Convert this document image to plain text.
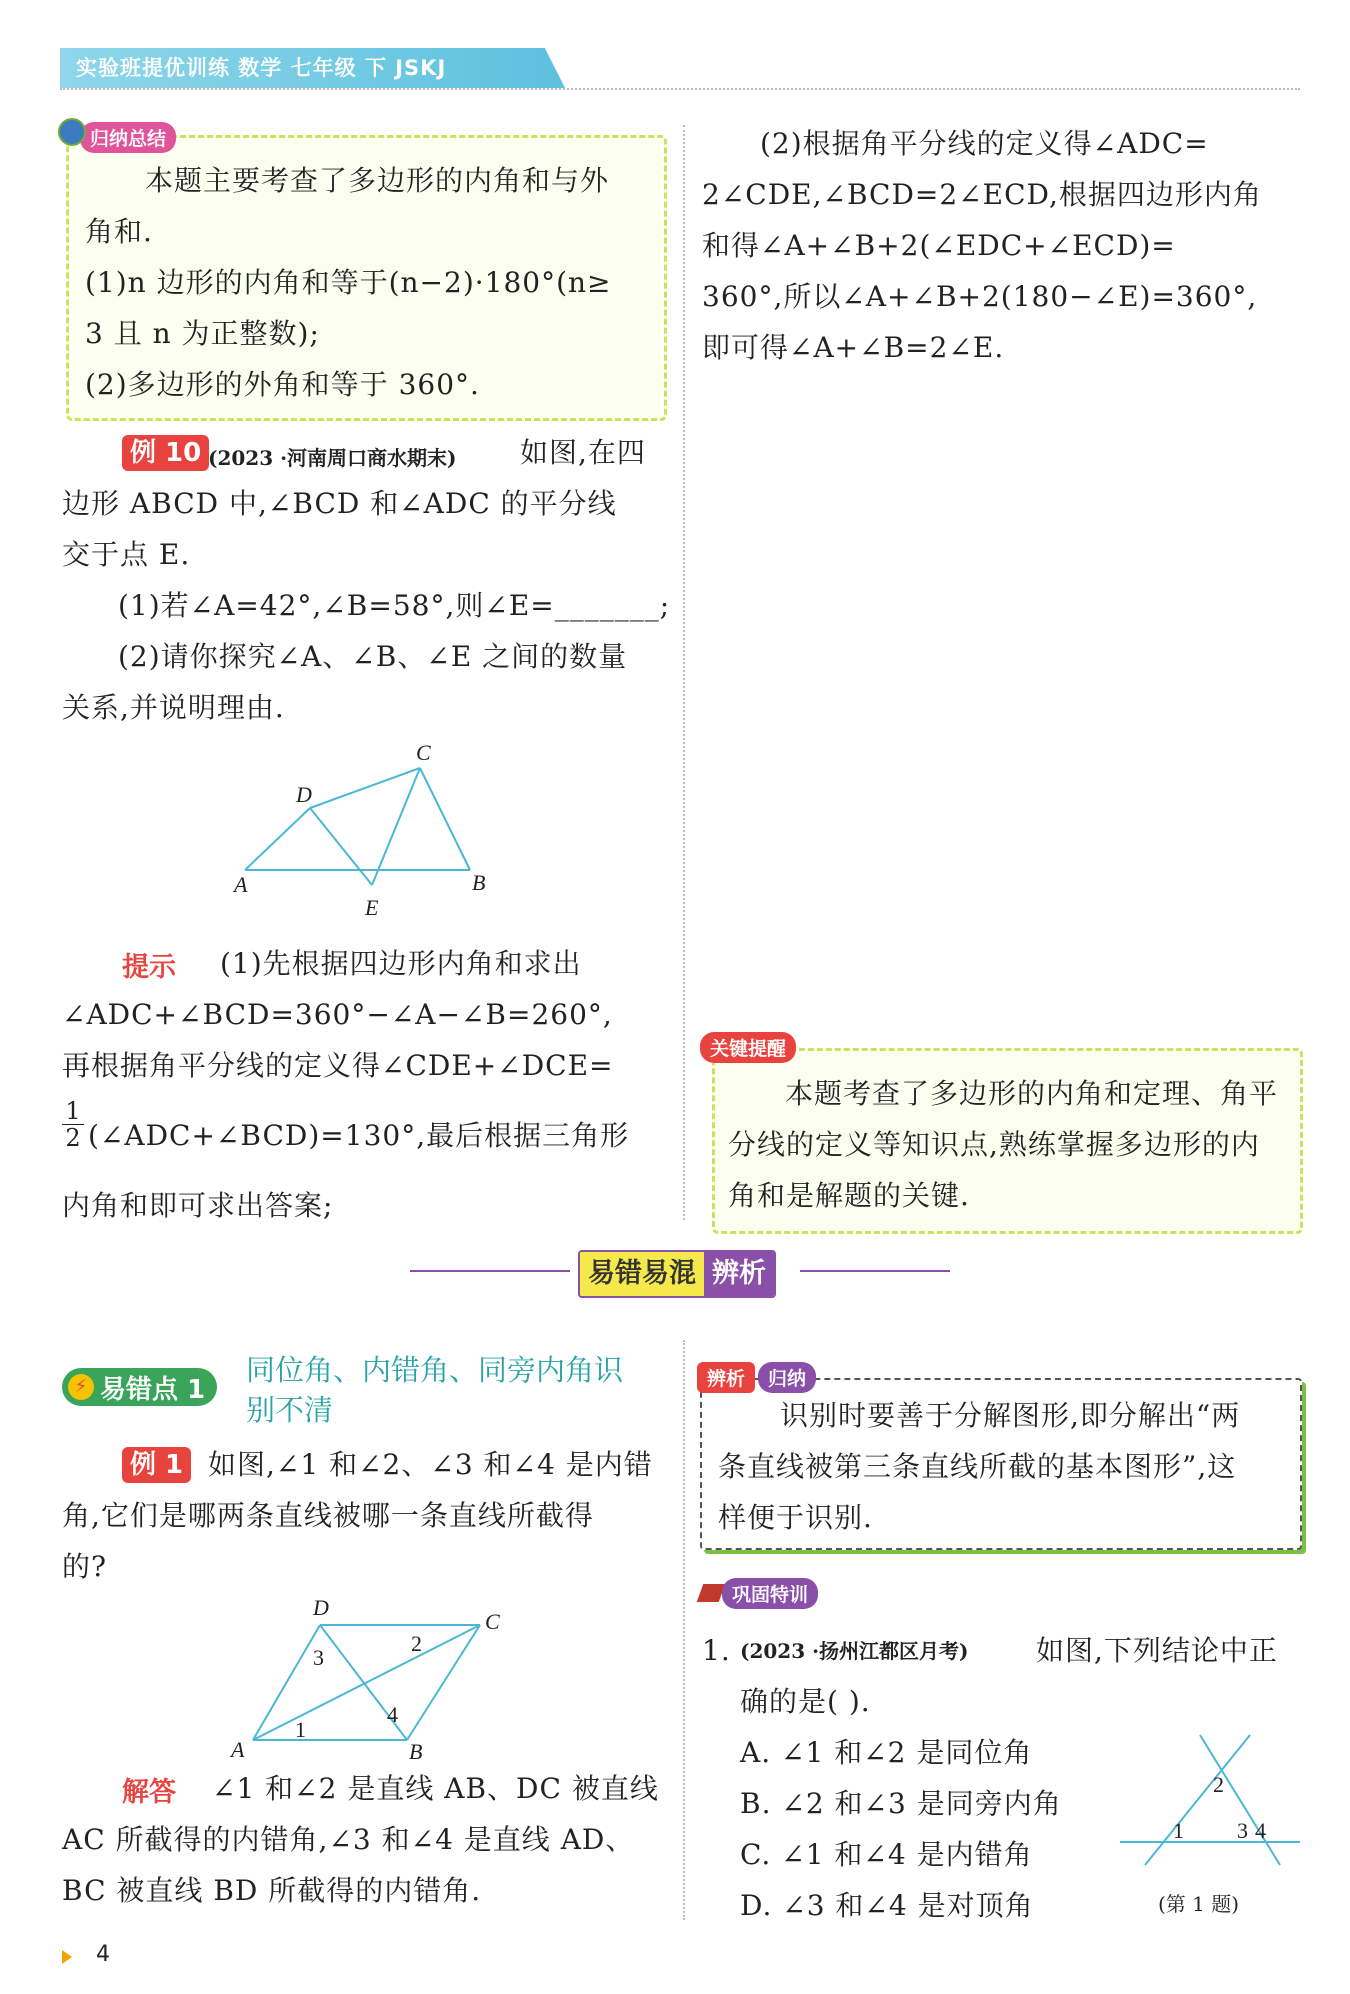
实验班提优训练 数学 七年级 下 JSKJ
归纳总结
本题主要考查了多边形的内角和与外
角和.
(1)n 边形的内角和等于(n−2)·180°(n≥
3 且 n 为正整数);
(2)多边形的外角和等于 360°.
例 10 (2023 ·河南周口商水期末) 如图,在四
边形 ABCD 中,∠BCD 和∠ADC 的平分线
交于点 E.
(1)若∠A=42°,∠B=58°,则∠E=_______;
(2)请你探究∠A、∠B、∠E 之间的数量
关系,并说明理由.
A	B
C
D
E
提示 (1)先根据四边形内角和求出
∠ADC+∠BCD=360°−∠A−∠B=260°,
再根据角平分线的定义得∠CDE+∠DCE=
$\frac{1}{2}$ (∠ADC+∠BCD)=130°,最后根据三角形
内角和即可求出答案;
(2)根据角平分线的定义得∠ADC=
2∠CDE,∠BCD=2∠ECD,根据四边形内角
和得∠A+∠B+2(∠EDC+∠ECD)=
360°,所以∠A+∠B+2(180−∠E)=360°,
即可得∠A+∠B=2∠E.
关键提醒
本题考查了多边形的内角和定理、角平
分线的定义等知识点,熟练掌握多边形的内
角和是解题的关键.
易错易混 辨析
⚡ 易错点 1
同位角、内错角、同旁内角识
别不清
例 1 如图,∠1 和∠2、∠3 和∠4 是内错
角,它们是哪两条直线被哪一条直线所截得
的?
A	B
C
D
1
2
3
4
解答 ∠1 和∠2 是直线 AB、DC 被直线
AC 所截得的内错角,∠3 和∠4 是直线 AD、
BC 被直线 BD 所截得的内错角.
辨析	归纳
识别时要善于分解图形,即分解出“两
条直线被第三条直线所截的基本图形”,这
样便于识别.
巩固特训
1. (2023 ·扬州江都区月考) 如图,下列结论中正
确的是( ).
A. ∠1 和∠2 是同位角
B. ∠2 和∠3 是同旁内角
C. ∠1 和∠4 是内错角
D. ∠3 和∠4 是对顶角
1
2
3 4
(第 1 题)
4
